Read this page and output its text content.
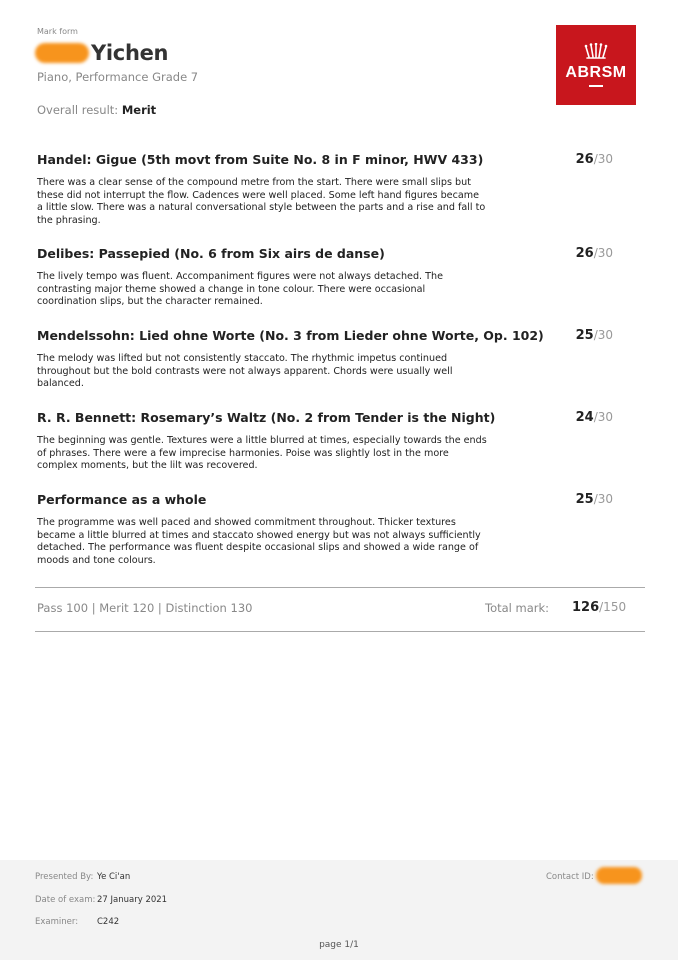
Mark form
Yichen
Piano, Performance Grade 7
Overall result: Merit
ABRSM
Handel: Gigue (5th movt from Suite No. 8 in F minor, HWV 433)	26/30
There was a clear sense of the compound metre from the start. There were small slips but these did not interrupt the flow. Cadences were well placed. Some left hand figures became a little slow. There was a natural conversational style between the parts and a rise and fall to the phrasing.
Delibes: Passepied (No. 6 from Six airs de danse)	26/30
The lively tempo was fluent. Accompaniment figures were not always detached. The contrasting major theme showed a change in tone colour. There were occasional coordination slips, but the character remained.
Mendelssohn: Lied ohne Worte (No. 3 from Lieder ohne Worte, Op. 102)	25/30
The melody was lifted but not consistently staccato. The rhythmic impetus continued throughout but the bold contrasts were not always apparent. Chords were usually well balanced.
R. R. Bennett: Rosemary’s Waltz (No. 2 from Tender is the Night)	24/30
The beginning was gentle. Textures were a little blurred at times, especially towards the ends of phrases. There were a few imprecise harmonies. Poise was slightly lost in the more complex moments, but the lilt was recovered.
Performance as a whole	25/30
The programme was well paced and showed commitment throughout. Thicker textures became a little blurred at times and staccato showed energy but was not always sufficiently detached. The performance was fluent despite occasional slips and showed a wide range of moods and tone colours.
Pass 100 | Merit 120 | Distinction 130	Total mark: 126/150
Presented By: Ye Ci'an
Date of exam: 27 January 2021
Examiner: C242
Contact ID:
page 1/1
